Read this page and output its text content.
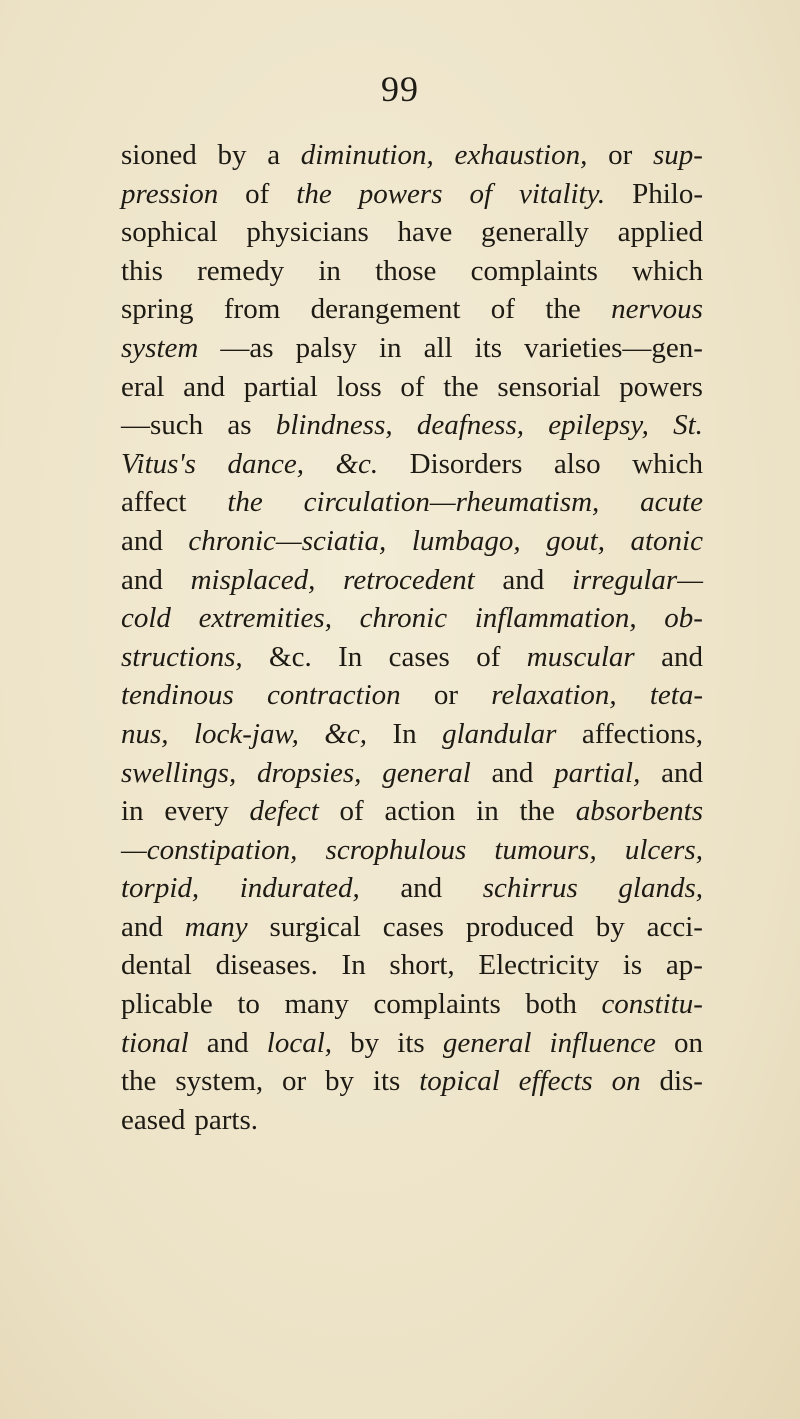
99
sioned by a diminution, exhaustion, or sup-
pression of the powers of vitality. Philo-
sophical physicians have generally applied
this remedy in those complaints which
spring from derangement of the nervous
system —as palsy in all its varieties—gen-
eral and partial loss of the sensorial powers
—such as blindness, deafness, epilepsy, St.
Vitus's dance, &c. Disorders also which
affect the circulation—rheumatism, acute
and chronic—sciatia, lumbago, gout, atonic
and misplaced, retrocedent and irregular—
cold extremities, chronic inflammation, ob-
structions, &c. In cases of muscular and
tendinous contraction or relaxation, teta-
nus, lock-jaw, &c, In glandular affections,
swellings, dropsies, general and partial, and
in every defect of action in the absorbents
—constipation, scrophulous tumours, ulcers,
torpid, indurated, and schirrus glands,
and many surgical cases produced by acci-
dental diseases. In short, Electricity is ap-
plicable to many complaints both constitu-
tional and local, by its general influence on
the system, or by its topical effects on dis-
eased parts.
